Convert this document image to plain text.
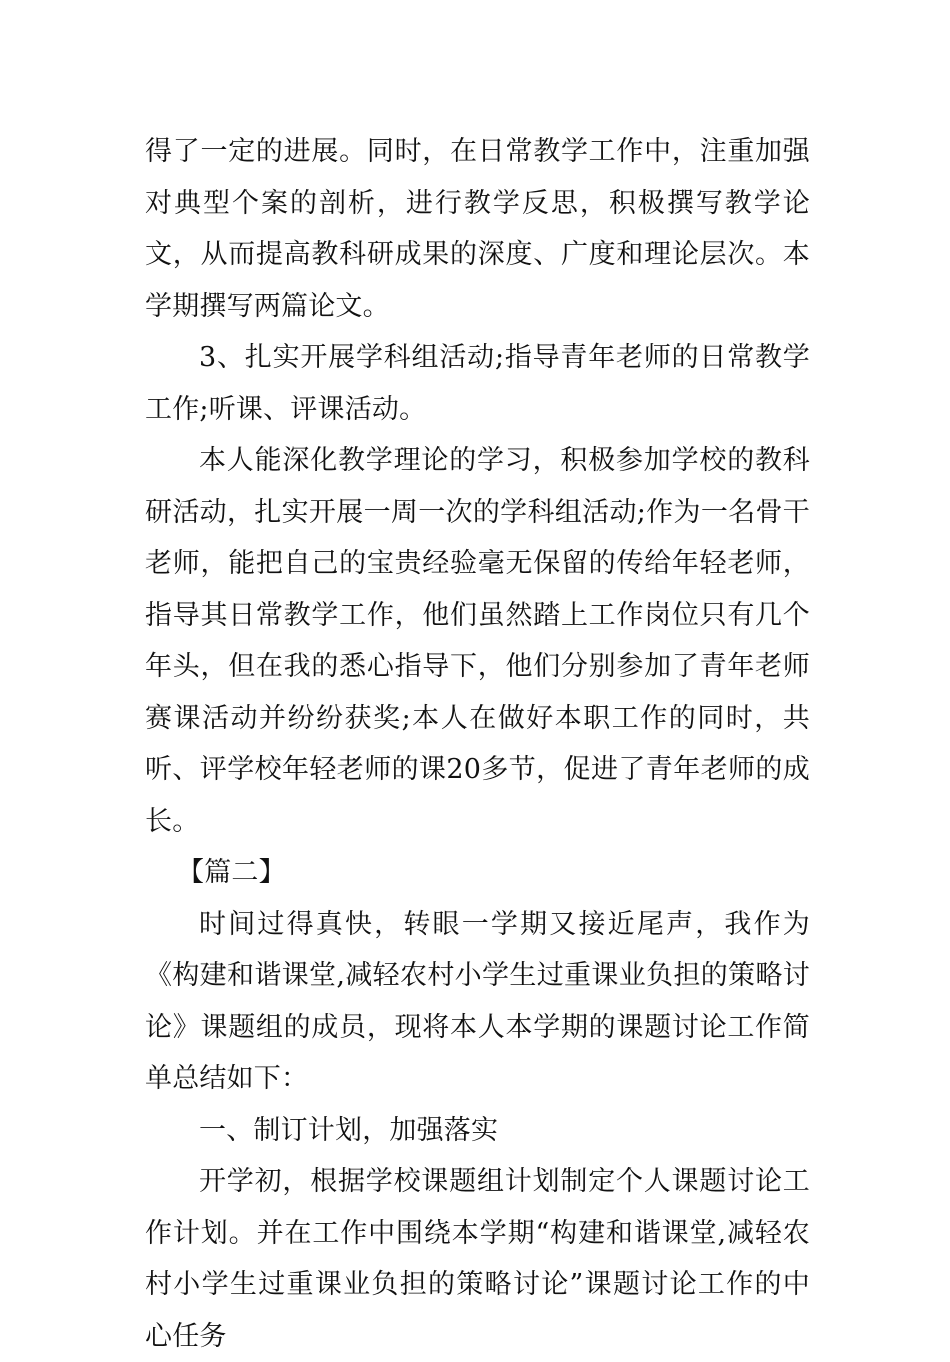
得了一定的进展。同时，在日常教学工作中，注重加强对典型个案的剖析，进行教学反思，积极撰写教学论文，从而提高教科研成果的深度、广度和理论层次。本学期撰写两篇论文。

3、扎实开展学科组活动;指导青年老师的日常教学工作;听课、评课活动。

本人能深化教学理论的学习，积极参加学校的教科研活动，扎实开展一周一次的学科组活动;作为一名骨干老师，能把自己的宝贵经验毫无保留的传给年轻老师，指导其日常教学工作，他们虽然踏上工作岗位只有几个年头，但在我的悉心指导下，他们分别参加了青年老师赛课活动并纷纷获奖;本人在做好本职工作的同时，共听、评学校年轻老师的课20多节，促进了青年老师的成长。

【篇二】

时间过得真快，转眼一学期又接近尾声，我作为《构建和谐课堂,减轻农村小学生过重课业负担的策略讨论》课题组的成员，现将本人本学期的课题讨论工作简单总结如下：

一、制订计划，加强落实

开学初，根据学校课题组计划制定个人课题讨论工作计划。并在工作中围绕本学期“构建和谐课堂,减轻农村小学生过重课业负担的策略讨论”课题讨论工作的中心任务
